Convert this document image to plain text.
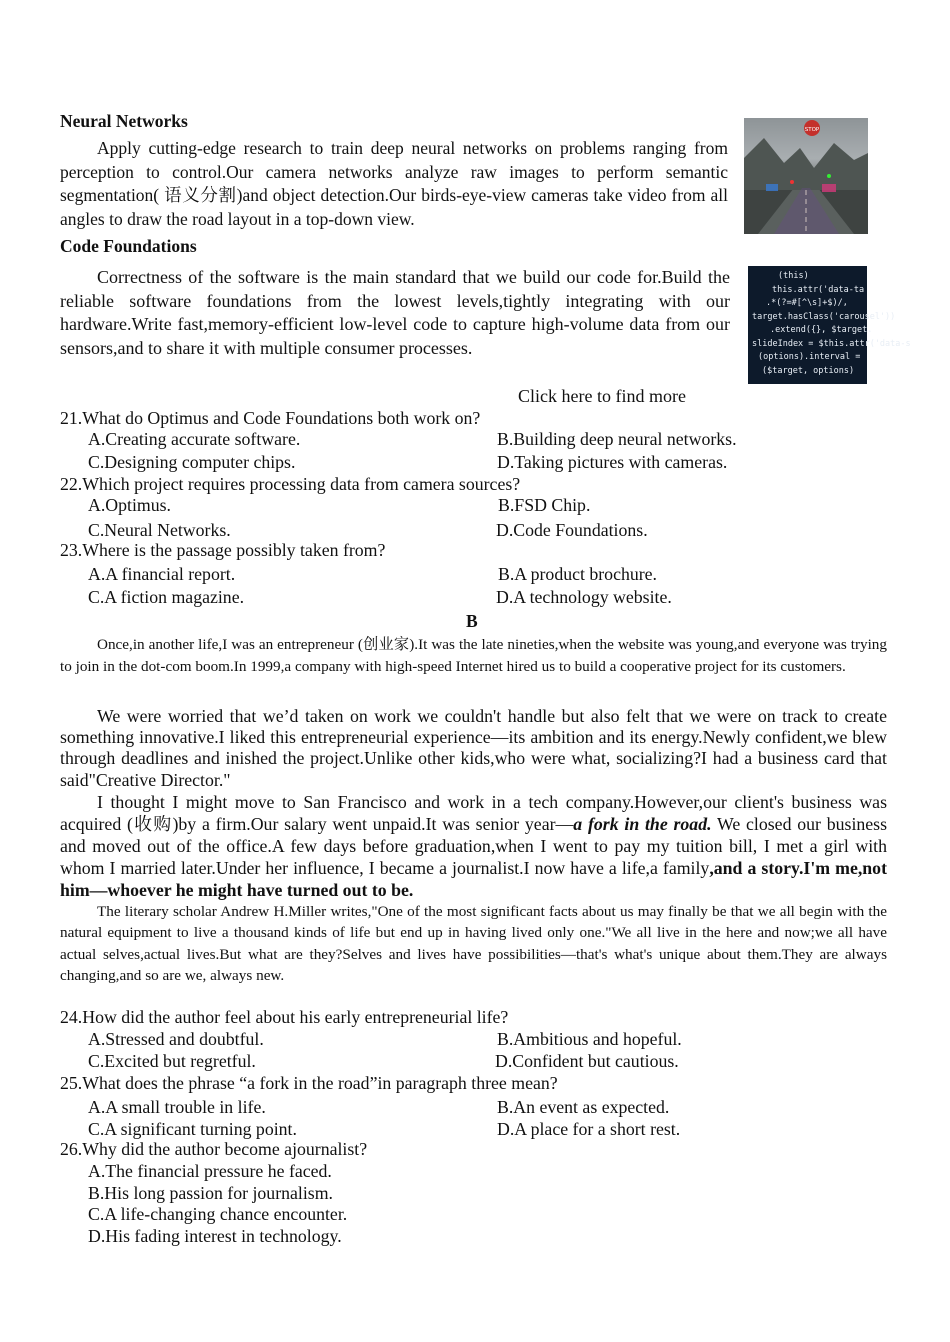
Neural Networks
Apply cutting-edge research to train deep neural networks on problems ranging from perception to control.Our camera networks analyze raw images to perform semantic segmentation( 语义分割)and object detection.Our birds-eye-view cameras take video from all angles to draw the road layout in a top-down view.
STOP
Code Foundations
Correctness of the software is the main standard that we build our code for.Build the reliable software foundations from the lowest levels,tightly integrating with our hardware.Write fast,memory-efficient low-level code to capture high-volume data from our sensors,and to share it with multiple consumer processes.
(this)
this.attr('data-ta
.*(?=#[^\s]+$)/,
target.hasClass('carousel'))
.extend({}, $target.
slideIndex = $this.attr('data-s
(options).interval =
($target, options)
Click here to find more
21.What do Optimus and Code Foundations both work on?
A.Creating accurate software.	B.Building deep neural networks.
C.Designing computer chips.	D.Taking pictures with cameras.
22.Which project requires processing data from camera sources?
A.Optimus.	B.FSD Chip.
C.Neural Networks.	D.Code Foundations.
23.Where is the passage possibly taken from?
A.A financial report.	B.A product brochure.
C.A fiction magazine.	D.A technology website.
B
Once,in another life,I was an entrepreneur (创业家).It was the late nineties,when the website was young,and everyone was trying to join in the dot-com boom.In 1999,a company with high-speed Internet hired us to build a cooperative project for its customers.
We were worried that we’d taken on work we couldn't handle but also felt that we were on track to create something innovative.I liked this entrepreneurial experience—its ambition and its energy.Newly confident,we blew through deadlines and inished the project.Unlike other kids,who were what, socializing?I had a business card that said"Creative Director."
I thought I might move to San Francisco and work in a tech company.However,our client's business was acquired (收购)by a firm.Our salary went unpaid.It was senior year—a fork in the road. We closed our business and moved out of the office.A few days before graduation,when I went to pay my tuition bill, I met a girl with whom I married later.Under her influence, I became a journalist.I now have a life,a family,and a story.I'm me,not him—whoever he might have turned out to be.
The literary scholar Andrew H.Miller writes,"One of the most significant facts about us may finally be that we all begin with the natural equipment to live a thousand kinds of life but end up in having lived only one."We all live in the here and now;we all have actual selves,actual lives.But what are they?Selves and lives have possibilities—that's what's unique about them.They are always changing,and so are we, always new.
24.How did the author feel about his early entrepreneurial life?
A.Stressed and doubtful.	B.Ambitious and hopeful.
C.Excited but regretful.	D.Confident but cautious.
25.What does the phrase “a fork in the road”in paragraph three mean?
A.A small trouble in life.	B.An event as expected.
C.A significant turning point.	D.A place for a short rest.
26.Why did the author become ajournalist?
A.The financial pressure he faced.
B.His long passion for journalism.
C.A life-changing chance encounter.
D.His fading interest in technology.
